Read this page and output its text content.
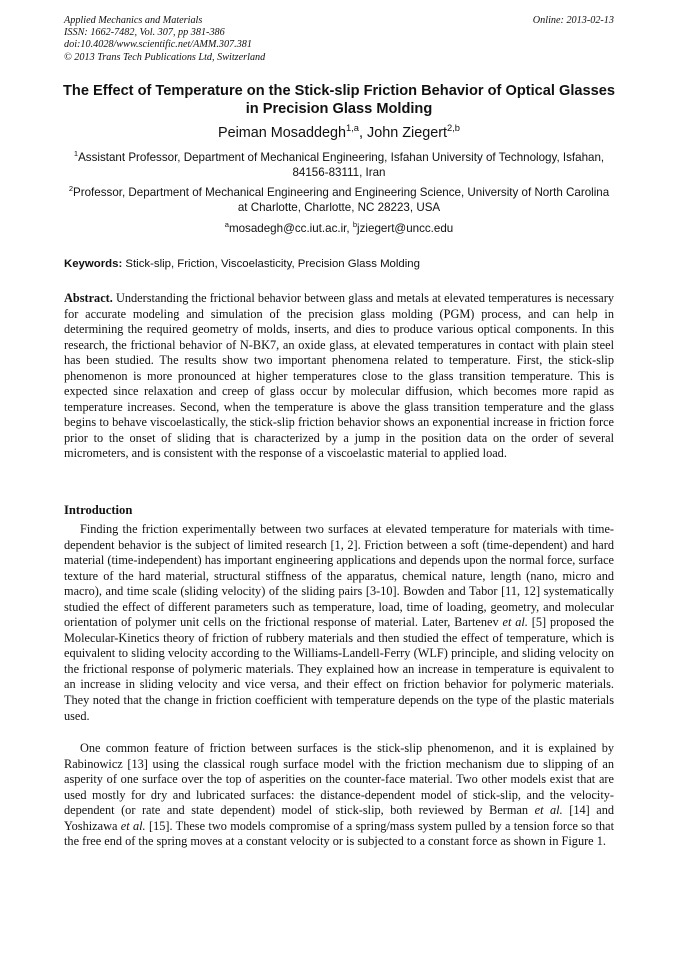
Applied Mechanics and Materials
ISSN: 1662-7482, Vol. 307, pp 381-386
doi:10.4028/www.scientific.net/AMM.307.381
© 2013 Trans Tech Publications Ltd, Switzerland
Online: 2013-02-13
The Effect of Temperature on the Stick-slip Friction Behavior of Optical Glasses in Precision Glass Molding
Peiman Mosaddegh$^{1,a}$, John Ziegert$^{2,b}$
$^1$Assistant Professor, Department of Mechanical Engineering, Isfahan University of Technology, Isfahan, 84156-83111, Iran
$^2$Professor, Department of Mechanical Engineering and Engineering Science, University of North Carolina at Charlotte, Charlotte, NC 28223, USA
$^a$mosadegh@cc.iut.ac.ir, $^b$jziegert@uncc.edu
Keywords: Stick-slip, Friction, Viscoelasticity, Precision Glass Molding
Abstract. Understanding the frictional behavior between glass and metals at elevated temperatures is necessary for accurate modeling and simulation of the precision glass molding (PGM) process, and can help in determining the required geometry of molds, inserts, and dies to produce various optical components. In this research, the frictional behavior of N-BK7, an oxide glass, at elevated temperatures in contact with plain steel has been studied. The results show two important phenomena related to temperature. First, the stick-slip phenomenon is more pronounced at higher temperatures close to the glass transition temperature. This is expected since relaxation and creep of glass occur by molecular diffusion, which becomes more rapid as temperature increases. Second, when the temperature is above the glass transition temperature and the glass begins to behave viscoelastically, the stick-slip friction behavior shows an exponential increase in friction force prior to the onset of sliding that is characterized by a jump in the position data on the order of several micrometers, and is consistent with the response of a viscoelastic material to applied load.
Introduction
Finding the friction experimentally between two surfaces at elevated temperature for materials with time-dependent behavior is the subject of limited research [1, 2]. Friction between a soft (time-dependent) and hard material (time-independent) has important engineering applications and depends upon the normal force, surface texture of the hard material, structural stiffness of the apparatus, chemical nature, length (nano, micro and macro), and time scale (sliding velocity) of the sliding pairs [3-10]. Bowden and Tabor [11, 12] systematically studied the effect of different parameters such as temperature, load, time of loading, geometry, and molecular orientation of polymer unit cells on the frictional response of material. Later, Bartenev et al. [5] proposed the Molecular-Kinetics theory of friction of rubbery materials and then studied the effect of temperature, which is equivalent to sliding velocity according to the Williams-Landell-Ferry (WLF) principle, and sliding velocity on the frictional response of polymeric materials. They explained how an increase in temperature is equivalent to an increase in sliding velocity and vice versa, and their effect on friction behavior for polymeric materials. They noted that the change in friction coefficient with temperature depends on the type of the plastic materials used.
One common feature of friction between surfaces is the stick-slip phenomenon, and it is explained by Rabinowicz [13] using the classical rough surface model with the friction mechanism due to slipping of an asperity of one surface over the top of asperities on the counter-face material. Two other models exist that are used mostly for dry and lubricated surfaces: the distance-dependent model of stick-slip, and the velocity-dependent (or rate and state dependent) model of stick-slip, both reviewed by Berman et al. [14] and Yoshizawa et al. [15]. These two models compromise of a spring/mass system pulled by a tension force so that the free end of the spring moves at a constant velocity or is subjected to a constant force as shown in Figure 1.
